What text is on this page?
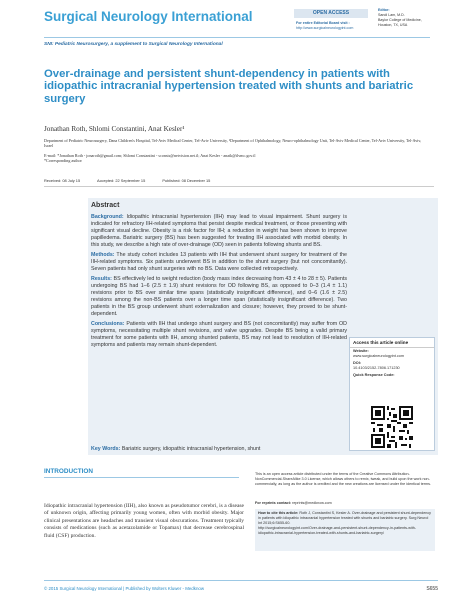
Surgical Neurology International	OPEN ACCESS
For entire Editorial Board visit :
http://www.surgicalneurologyint.com
Editor:
Sandi Lam, M.D.
Baylor College of Medicine,
Houston, TX, USA
SNI: Pediatric Neurosurgery, a supplement to Surgical Neurology International
Over-drainage and persistent shunt-dependency in patients with idiopathic intracranial hypertension treated with shunts and bariatric surgery
Jonathan Roth, Shlomi Constantini, Anat Kesler¹
Department of Pediatric Neurosurgery, Dana Children's Hospital, Tel-Aviv Medical Center, Tel-Aviv University, ¹Department of Ophthalmology, Neuro-ophthalmology Unit, Tel-Aviv Medical Center, Tel-Aviv University, Tel-Aviv, Israel
E-mail: *Jonathan Roth - jonaroth@gmail.com; Shlomi Constantini - sconsts@netvision.net.il; Anat Kesler - anatk@tlvmc.gov.il
*Corresponding author
Received: 08 July 15	Accepted: 22 September 15	Published: 08 December 15
Abstract

Background: Idiopathic intracranial hypertension (IIH) may lead to visual impairment. Shunt surgery is indicated for refractory IIH-related symptoms that persist despite medical treatment, or those presenting with significant visual decline. Obesity is a risk factor for IIH; a reduction in weight has been shown to improve papilledema. Bariatric surgery (BS) has been suggested for treating IIH associated with morbid obesity. In this study, we describe a high rate of over-drainage (OD) seen in patients following shunts and BS.

Methods: The study cohort includes 13 patients with IIH that underwent shunt surgery for treatment of the IIH-related symptoms. Six patients underwent BS in addition to the shunt surgery (but not concomitantly). Seven patients had only shunt surgeries with no BS. Data were collected retrospectively.

Results: BS effectively led to weight reduction (body mass index decreasing from 43 ± 4 to 28 ± 5). Patients undergoing BS had 1–6 (2.5 ± 1.9) shunt revisions for OD following BS, as opposed to 0–3 (1.4 ± 1.1) revisions prior to BS over similar time spans (statistically insignificant difference), and 0–6 (1.6 ± 2.5) revisions among the non-BS patients over a longer time span (statistically insignificant difference). Two patients in the BS group underwent shunt externalization and closure; however, they proved to be shunt-dependent.

Conclusions: Patients with IIH that undergo shunt surgery and BS (not concomitantly) may suffer from OD symptoms, necessitating multiple shunt revisions, and valve upgrades. Despite BS being a valid primary treatment for some patients with IIH, among shunted patients, BS may not lead to resolution of IIH-related symptoms and patients may remain shunt-dependent.

Key Words: Bariatric surgery, idiopathic intracranial hypertension, shunt
Access this article online
Website:
www.surgicalneurologyint.com
DOI:
10.4103/2152-7806.171230
Quick Response Code:
INTRODUCTION
Idiopathic intracranial hypertension (IIH), also known as pseudotumor cerebri, is a disease of unknown origin, affecting primarily young women, often with morbid obesity. Major clinical presentations are headaches and transient visual obscurations. Treatment typically consists of medications (such as acetazolamide or Topamax) that decrease cerebrospinal fluid (CSF) production.
This is an open access article distributed under the terms of the Creative Commons Attribution-NonCommercial-ShareAlike 3.0 License, which allows others to remix, tweak, and build upon the work non-commercially, as long as the author is credited and the new creations are licensed under the identical terms.
For reprints contact: reprints@medknow.com
How to cite this article: Roth J, Constantini S, Kesler A. Over-drainage and persistent shunt-dependency in patients with idiopathic intracranial hypertension treated with shunts and bariatric surgery. Surg Neurol Int 2015;6:S655-60.
http://surgicalneurologyint.com/Over-drainage-and-persistent-shunt-dependency-in-patients-with-idiopathic-intracranial-hypertension-treated-with-shunts-and-bariatric-surgery/
© 2015 Surgical Neurology International | Published by Wolters Kluwer - Medknow	S655
